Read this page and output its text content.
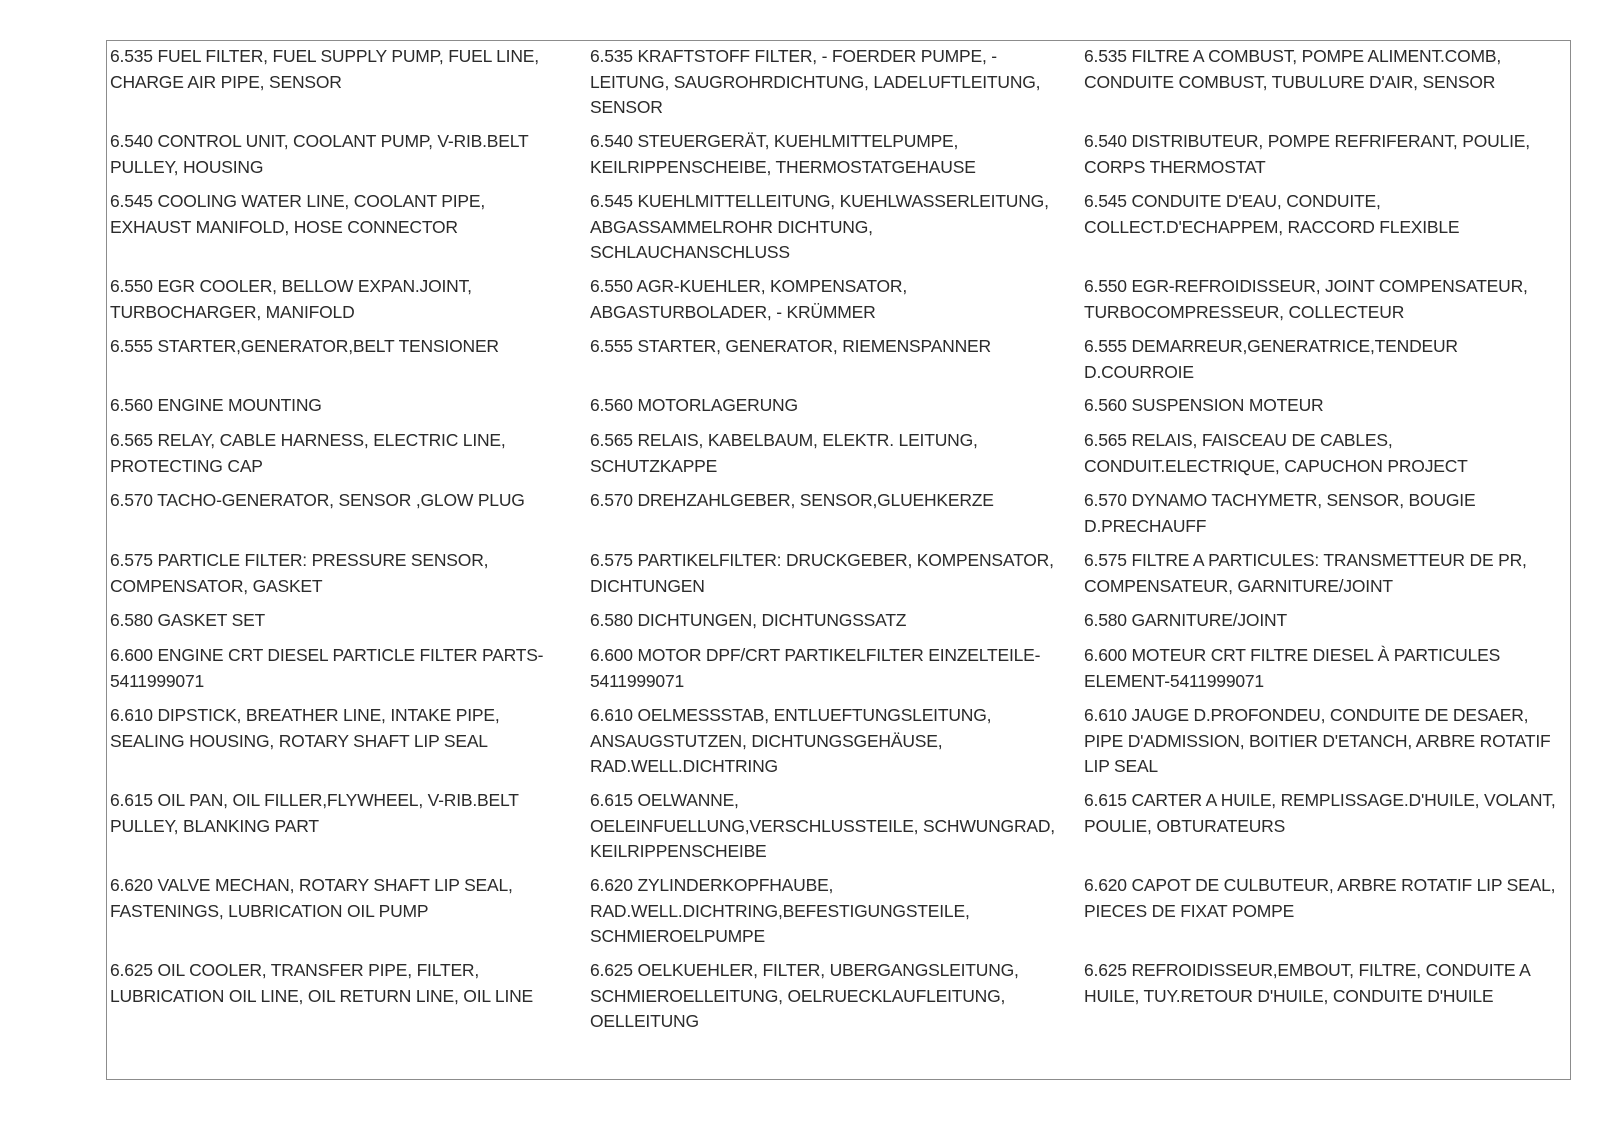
6.535 FUEL FILTER, FUEL SUPPLY PUMP, FUEL LINE,
CHARGE AIR PIPE, SENSOR
6.535 KRAFTSTOFF FILTER, - FOERDER PUMPE, -
LEITUNG, SAUGROHRDICHTUNG, LADELUFTLEITUNG,
SENSOR
6.535 FILTRE A COMBUST, POMPE ALIMENT.COMB,
CONDUITE COMBUST, TUBULURE D'AIR, SENSOR
6.540 CONTROL UNIT, COOLANT PUMP, V-RIB.BELT
PULLEY, HOUSING
6.540 STEUERGERÄT, KUEHLMITTELPUMPE,
KEILRIPPENSCHEIBE, THERMOSTATGEHAUSE
6.540 DISTRIBUTEUR, POMPE REFRIFERANT, POULIE,
CORPS THERMOSTAT
6.545 COOLING WATER LINE, COOLANT PIPE,
EXHAUST MANIFOLD, HOSE CONNECTOR
6.545 KUEHLMITTELLEITUNG, KUEHLWASSERLEITUNG,
ABGASSAMMELROHR DICHTUNG,
SCHLAUCHANSCHLUSS
6.545 CONDUITE D'EAU, CONDUITE,
COLLECT.D'ECHAPPEM, RACCORD FLEXIBLE
6.550 EGR COOLER, BELLOW EXPAN.JOINT,
TURBOCHARGER, MANIFOLD
6.550 AGR-KUEHLER, KOMPENSATOR,
ABGASTURBOLADER, - KRÜMMER
6.550 EGR-REFROIDISSEUR, JOINT COMPENSATEUR,
TURBOCOMPRESSEUR, COLLECTEUR
6.555 STARTER,GENERATOR,BELT TENSIONER	6.555 STARTER, GENERATOR, RIEMENSPANNER	6.555 DEMARREUR,GENERATRICE,TENDEUR
D.COURROIE
6.560 ENGINE MOUNTING	6.560 MOTORLAGERUNG	6.560 SUSPENSION MOTEUR
6.565 RELAY, CABLE HARNESS, ELECTRIC LINE,
PROTECTING CAP
6.565 RELAIS, KABELBAUM, ELEKTR. LEITUNG,
SCHUTZKAPPE
6.565 RELAIS, FAISCEAU DE CABLES,
CONDUIT.ELECTRIQUE, CAPUCHON PROJECT
6.570 TACHO-GENERATOR, SENSOR ,GLOW PLUG	6.570 DREHZAHLGEBER, SENSOR,GLUEHKERZE	6.570 DYNAMO TACHYMETR, SENSOR, BOUGIE
D.PRECHAUFF
6.575 PARTICLE FILTER: PRESSURE SENSOR,
COMPENSATOR, GASKET
6.575 PARTIKELFILTER: DRUCKGEBER, KOMPENSATOR,
DICHTUNGEN
6.575 FILTRE A PARTICULES: TRANSMETTEUR DE PR,
COMPENSATEUR, GARNITURE/JOINT
6.580 GASKET SET	6.580 DICHTUNGEN, DICHTUNGSSATZ	6.580 GARNITURE/JOINT
6.600 ENGINE CRT DIESEL PARTICLE FILTER PARTS-
5411999071
6.600 MOTOR DPF/CRT PARTIKELFILTER EINZELTEILE-
5411999071
6.600 MOTEUR CRT FILTRE DIESEL À PARTICULES
ELEMENT-5411999071
6.610 DIPSTICK, BREATHER LINE, INTAKE PIPE,
SEALING HOUSING, ROTARY SHAFT LIP SEAL
6.610 OELMESSSTAB, ENTLUEFTUNGSLEITUNG,
ANSAUGSTUTZEN, DICHTUNGSGEHÄUSE,
RAD.WELL.DICHTRING
6.610 JAUGE D.PROFONDEU, CONDUITE DE DESAER,
PIPE D'ADMISSION, BOITIER D'ETANCH, ARBRE ROTATIF
LIP SEAL
6.615 OIL PAN, OIL FILLER,FLYWHEEL, V-RIB.BELT
PULLEY, BLANKING PART
6.615 OELWANNE,
OELEINFUELLUNG,VERSCHLUSSTEILE, SCHWUNGRAD,
KEILRIPPENSCHEIBE
6.615 CARTER A HUILE, REMPLISSAGE.D'HUILE, VOLANT,
POULIE, OBTURATEURS
6.620 VALVE MECHAN, ROTARY SHAFT LIP SEAL,
FASTENINGS, LUBRICATION OIL PUMP
6.620 ZYLINDERKOPFHAUBE,
RAD.WELL.DICHTRING,BEFESTIGUNGSTEILE,
SCHMIEROELPUMPE
6.620 CAPOT DE CULBUTEUR, ARBRE ROTATIF LIP SEAL,
PIECES DE FIXAT POMPE
6.625 OIL COOLER, TRANSFER PIPE, FILTER,
LUBRICATION OIL LINE, OIL RETURN LINE, OIL LINE
6.625 OELKUEHLER, FILTER, UBERGANGSLEITUNG,
SCHMIEROELLEITUNG, OELRUECKLAUFLEITUNG,
OELLEITUNG
6.625 REFROIDISSEUR,EMBOUT, FILTRE, CONDUITE A
HUILE, TUY.RETOUR D'HUILE, CONDUITE D'HUILE
